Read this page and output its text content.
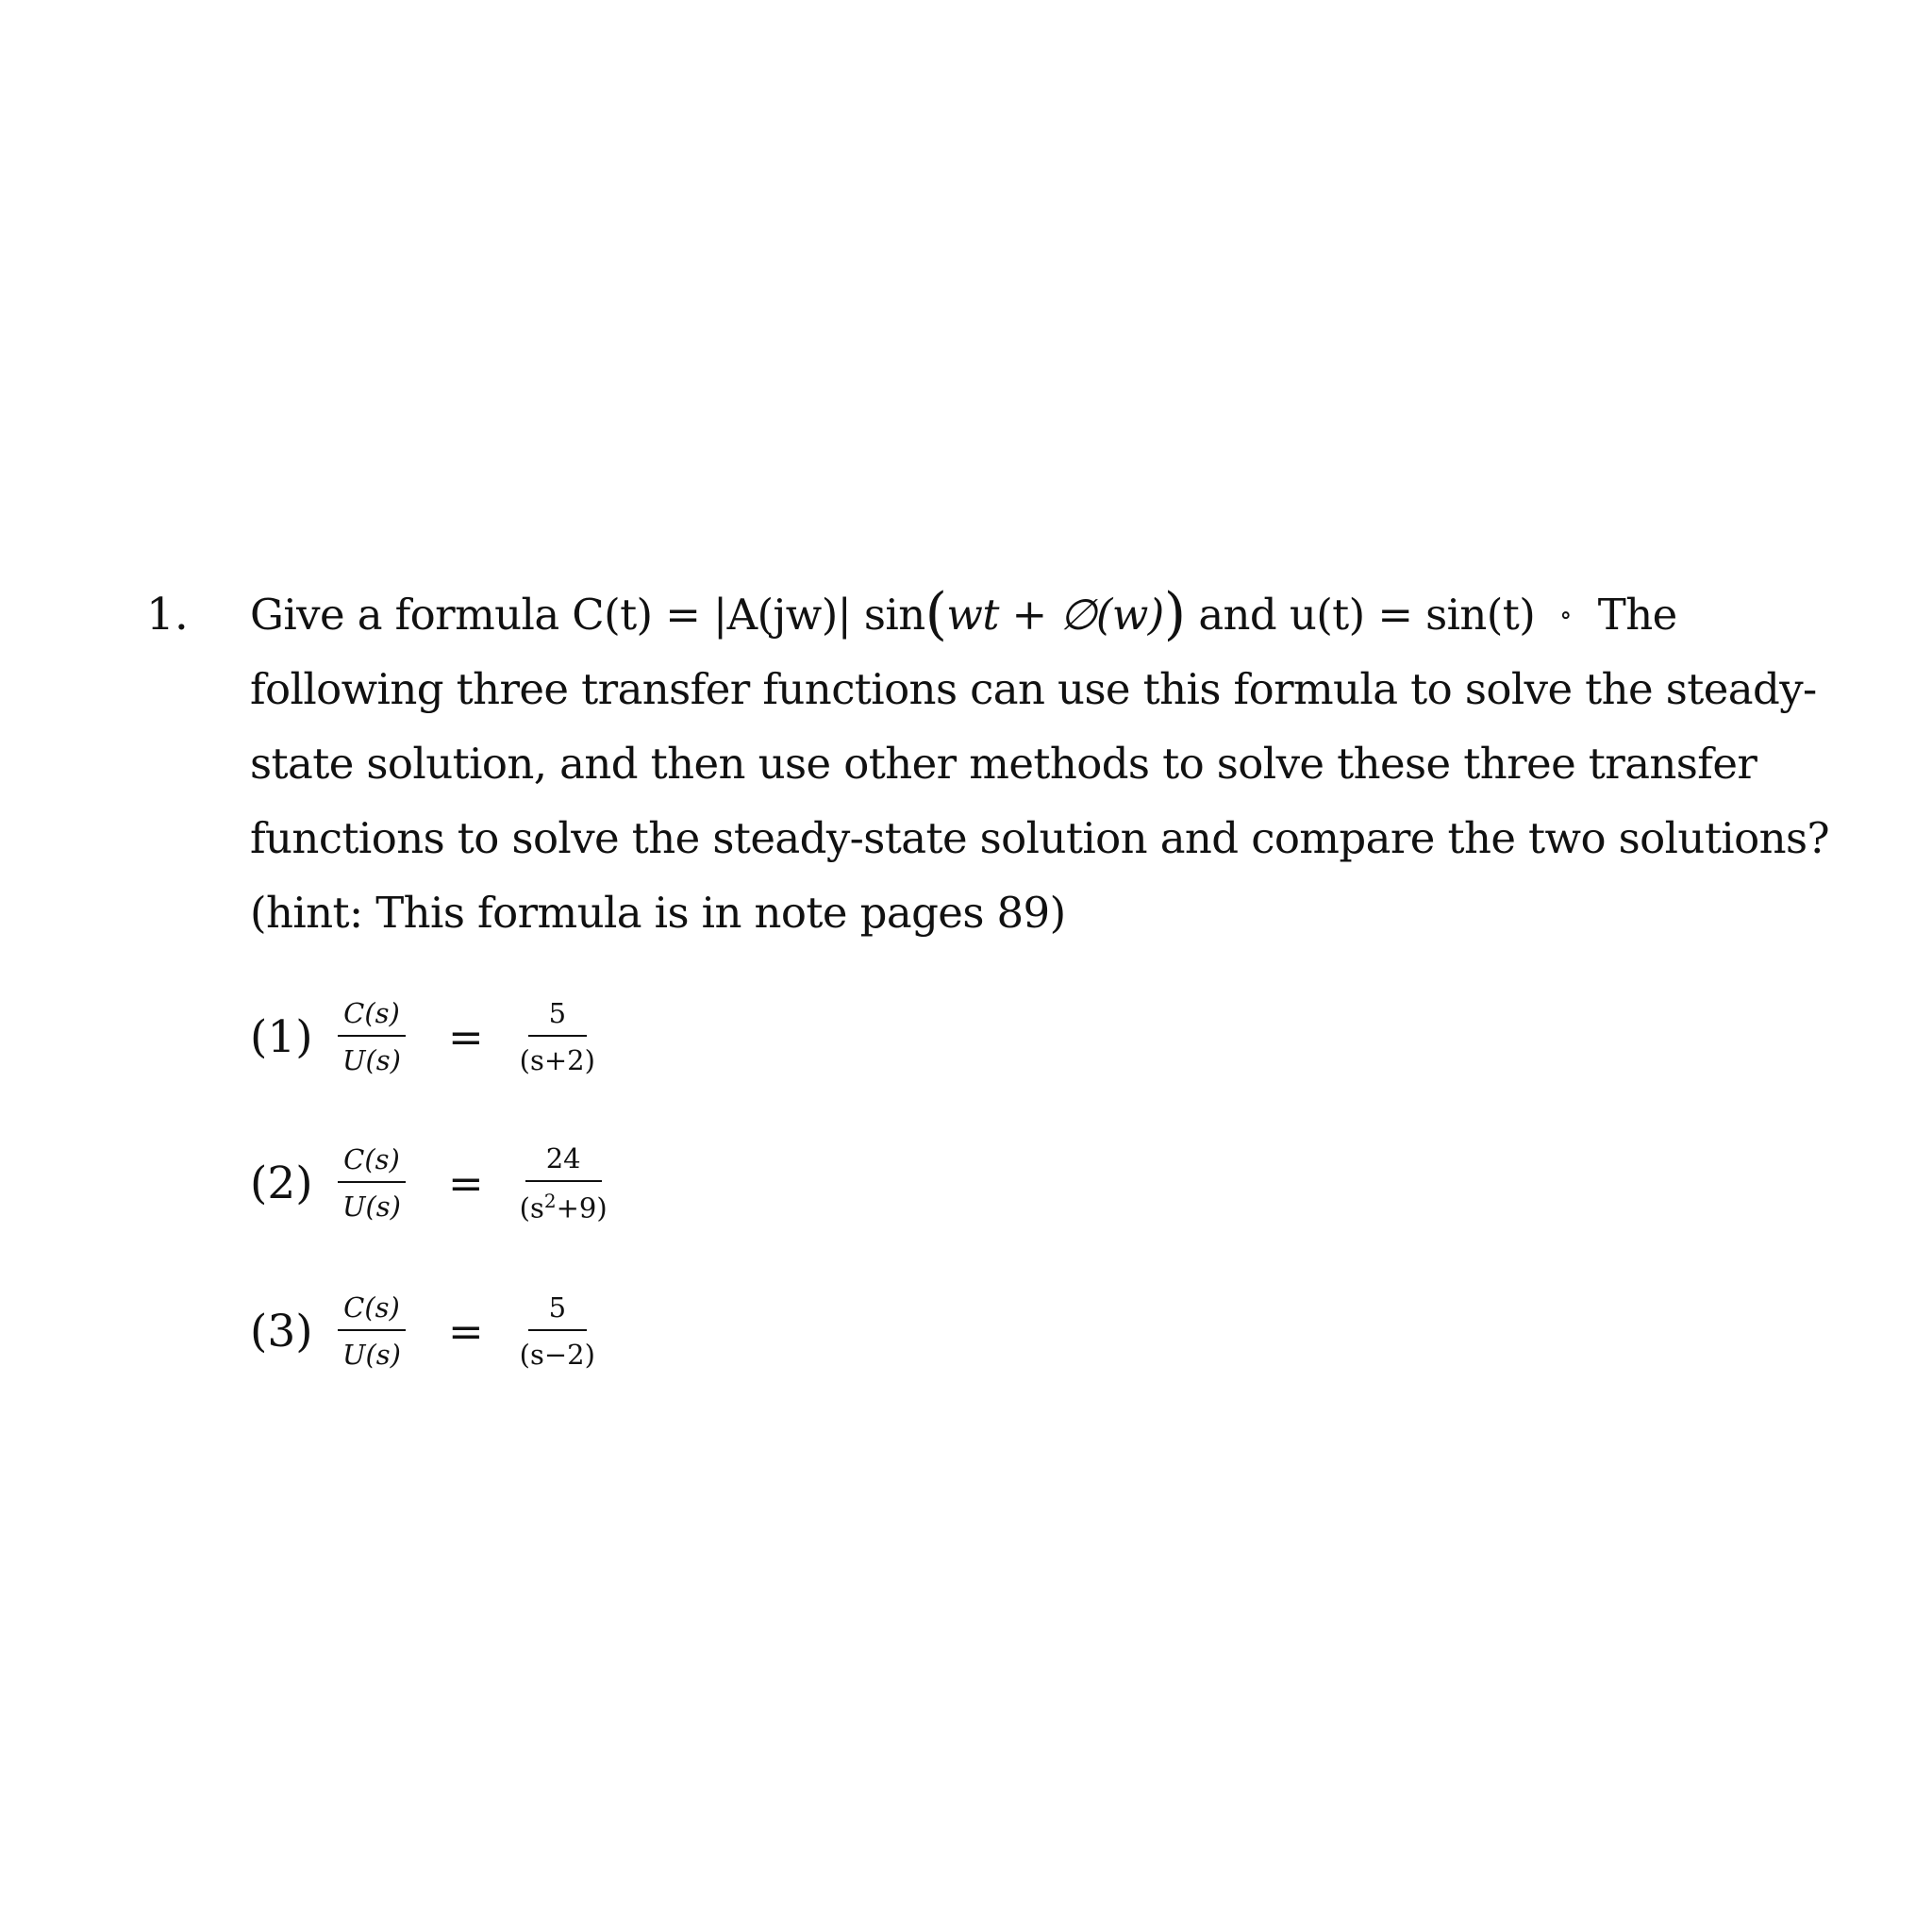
1. Give a formula C(t) = |A(jw)| sin(wt + ∅(w)) and u(t) = sin(t) ∘ The
following three transfer functions can use this formula to solve the steady-
state solution, and then use other methods to solve these three transfer
functions to solve the steady-state solution and compare the two solutions?
(hint: This formula is in note pages 89)
$(1) \frac{C(s)}{U(s)} = \frac{5}{(s+2)}$
$(2) \frac{C(s)}{U(s)} = \frac{24}{(s^2+9)}$
$(3) \frac{C(s)}{U(s)} = \frac{5}{(s-2)}$
